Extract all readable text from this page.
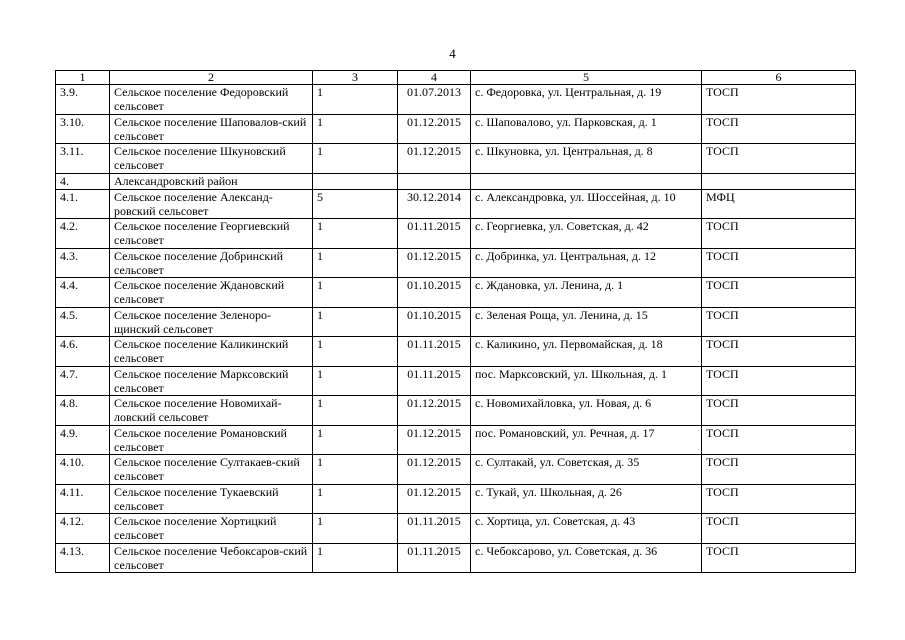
4
1	2	3	4	5	6
3.9.	Сельское поселение Федоровский сельсовет	1	01.07.2013	с. Федоровка, ул. Центральная, д. 19	ТОСП
3.10.	Сельское поселение Шаповалов-ский сельсовет	1	01.12.2015	с. Шаповалово, ул. Парковская, д. 1	ТОСП
3.11.	Сельское поселение Шкуновский сельсовет	1	01.12.2015	с. Шкуновка, ул. Центральная, д. 8	ТОСП
4.	Александровский район				
4.1.	Сельское поселение Александ-ровский сельсовет	5	30.12.2014	с. Александровка, ул. Шоссейная, д. 10	МФЦ
4.2.	Сельское поселение Георгиевский сельсовет	1	01.11.2015	с. Георгиевка, ул. Советская, д. 42	ТОСП
4.3.	Сельское поселение Добринский сельсовет	1	01.12.2015	с. Добринка, ул. Центральная, д. 12	ТОСП
4.4.	Сельское поселение Ждановский сельсовет	1	01.10.2015	с. Ждановка, ул. Ленина, д. 1	ТОСП
4.5.	Сельское поселение Зеленоро-щинский сельсовет	1	01.10.2015	с. Зеленая Роща, ул. Ленина, д. 15	ТОСП
4.6.	Сельское поселение Каликинский сельсовет	1	01.11.2015	с. Каликино, ул. Первомайская, д. 18	ТОСП
4.7.	Сельское поселение Марксовский сельсовет	1	01.11.2015	пос. Марксовский, ул. Школьная, д. 1	ТОСП
4.8.	Сельское поселение Новомихай-ловский сельсовет	1	01.12.2015	с. Новомихайловка, ул. Новая, д. 6	ТОСП
4.9.	Сельское поселение Романовский сельсовет	1	01.12.2015	пос. Романовский, ул. Речная, д. 17	ТОСП
4.10.	Сельское поселение Султакаев-ский сельсовет	1	01.12.2015	с. Султакай, ул. Советская, д. 35	ТОСП
4.11.	Сельское поселение Тукаевский сельсовет	1	01.12.2015	с. Тукай, ул. Школьная, д. 26	ТОСП
4.12.	Сельское поселение Хортицкий сельсовет	1	01.11.2015	с. Хортица, ул. Советская, д. 43	ТОСП
4.13.	Сельское поселение Чебоксаров-ский сельсовет	1	01.11.2015	с. Чебоксарово, ул. Советская, д. 36	ТОСП
